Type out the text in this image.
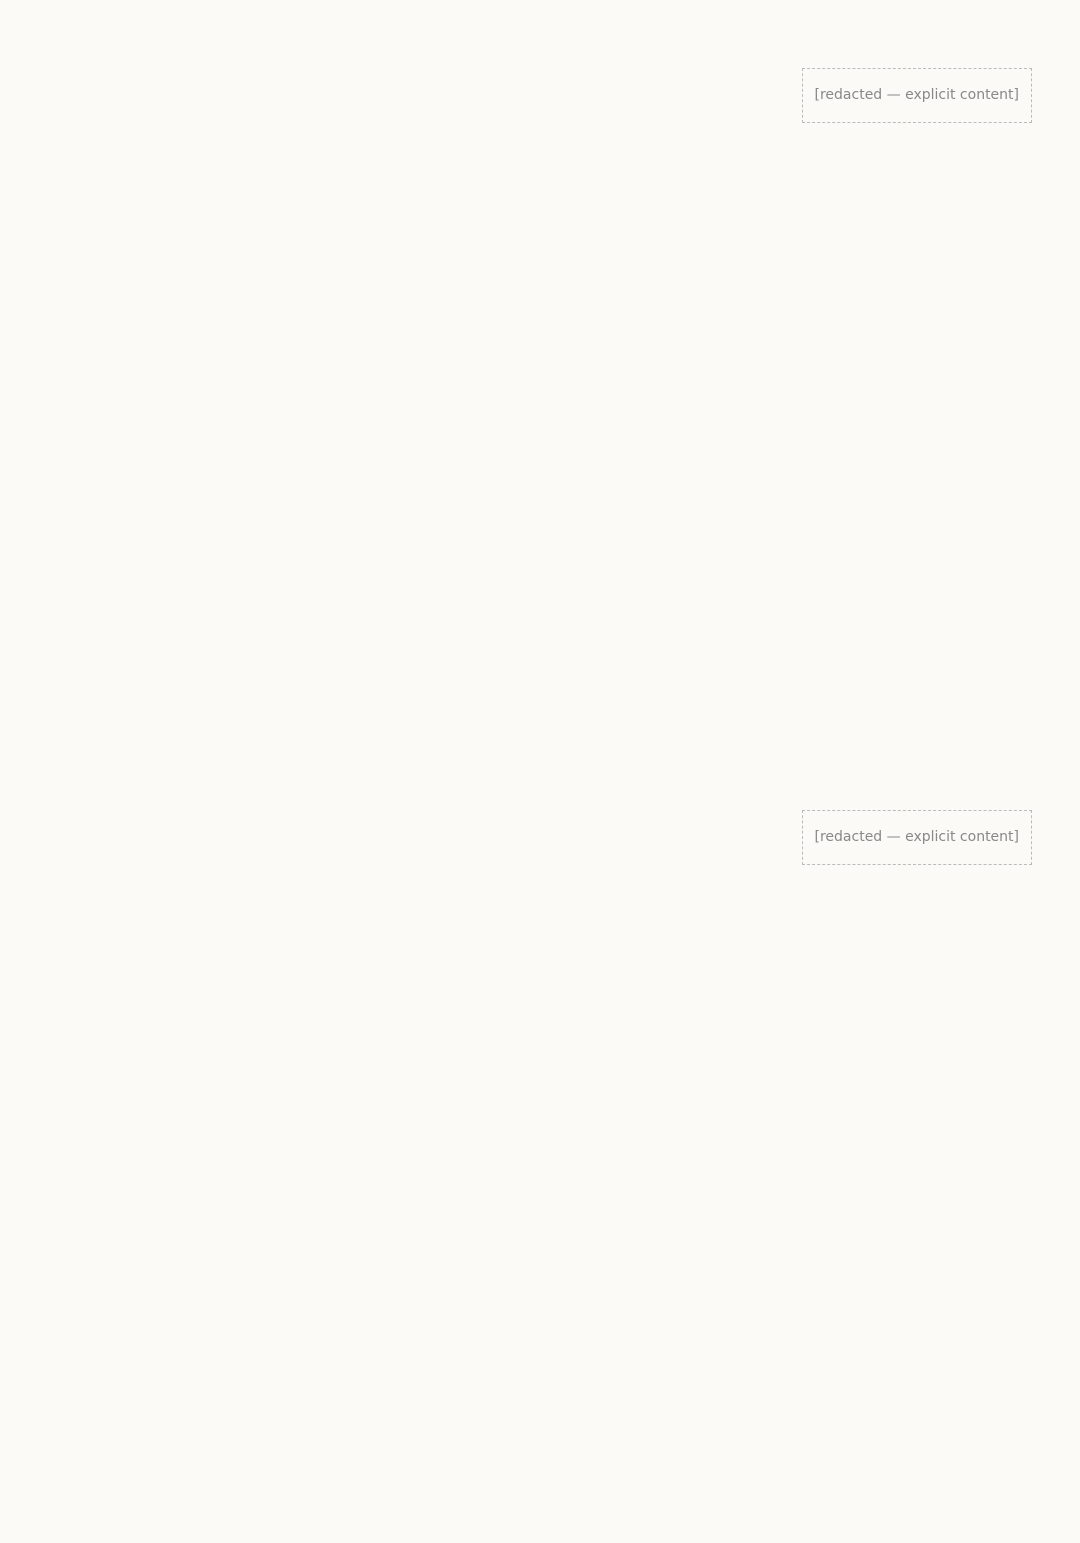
[redacted — explicit content]
[redacted — explicit content]
